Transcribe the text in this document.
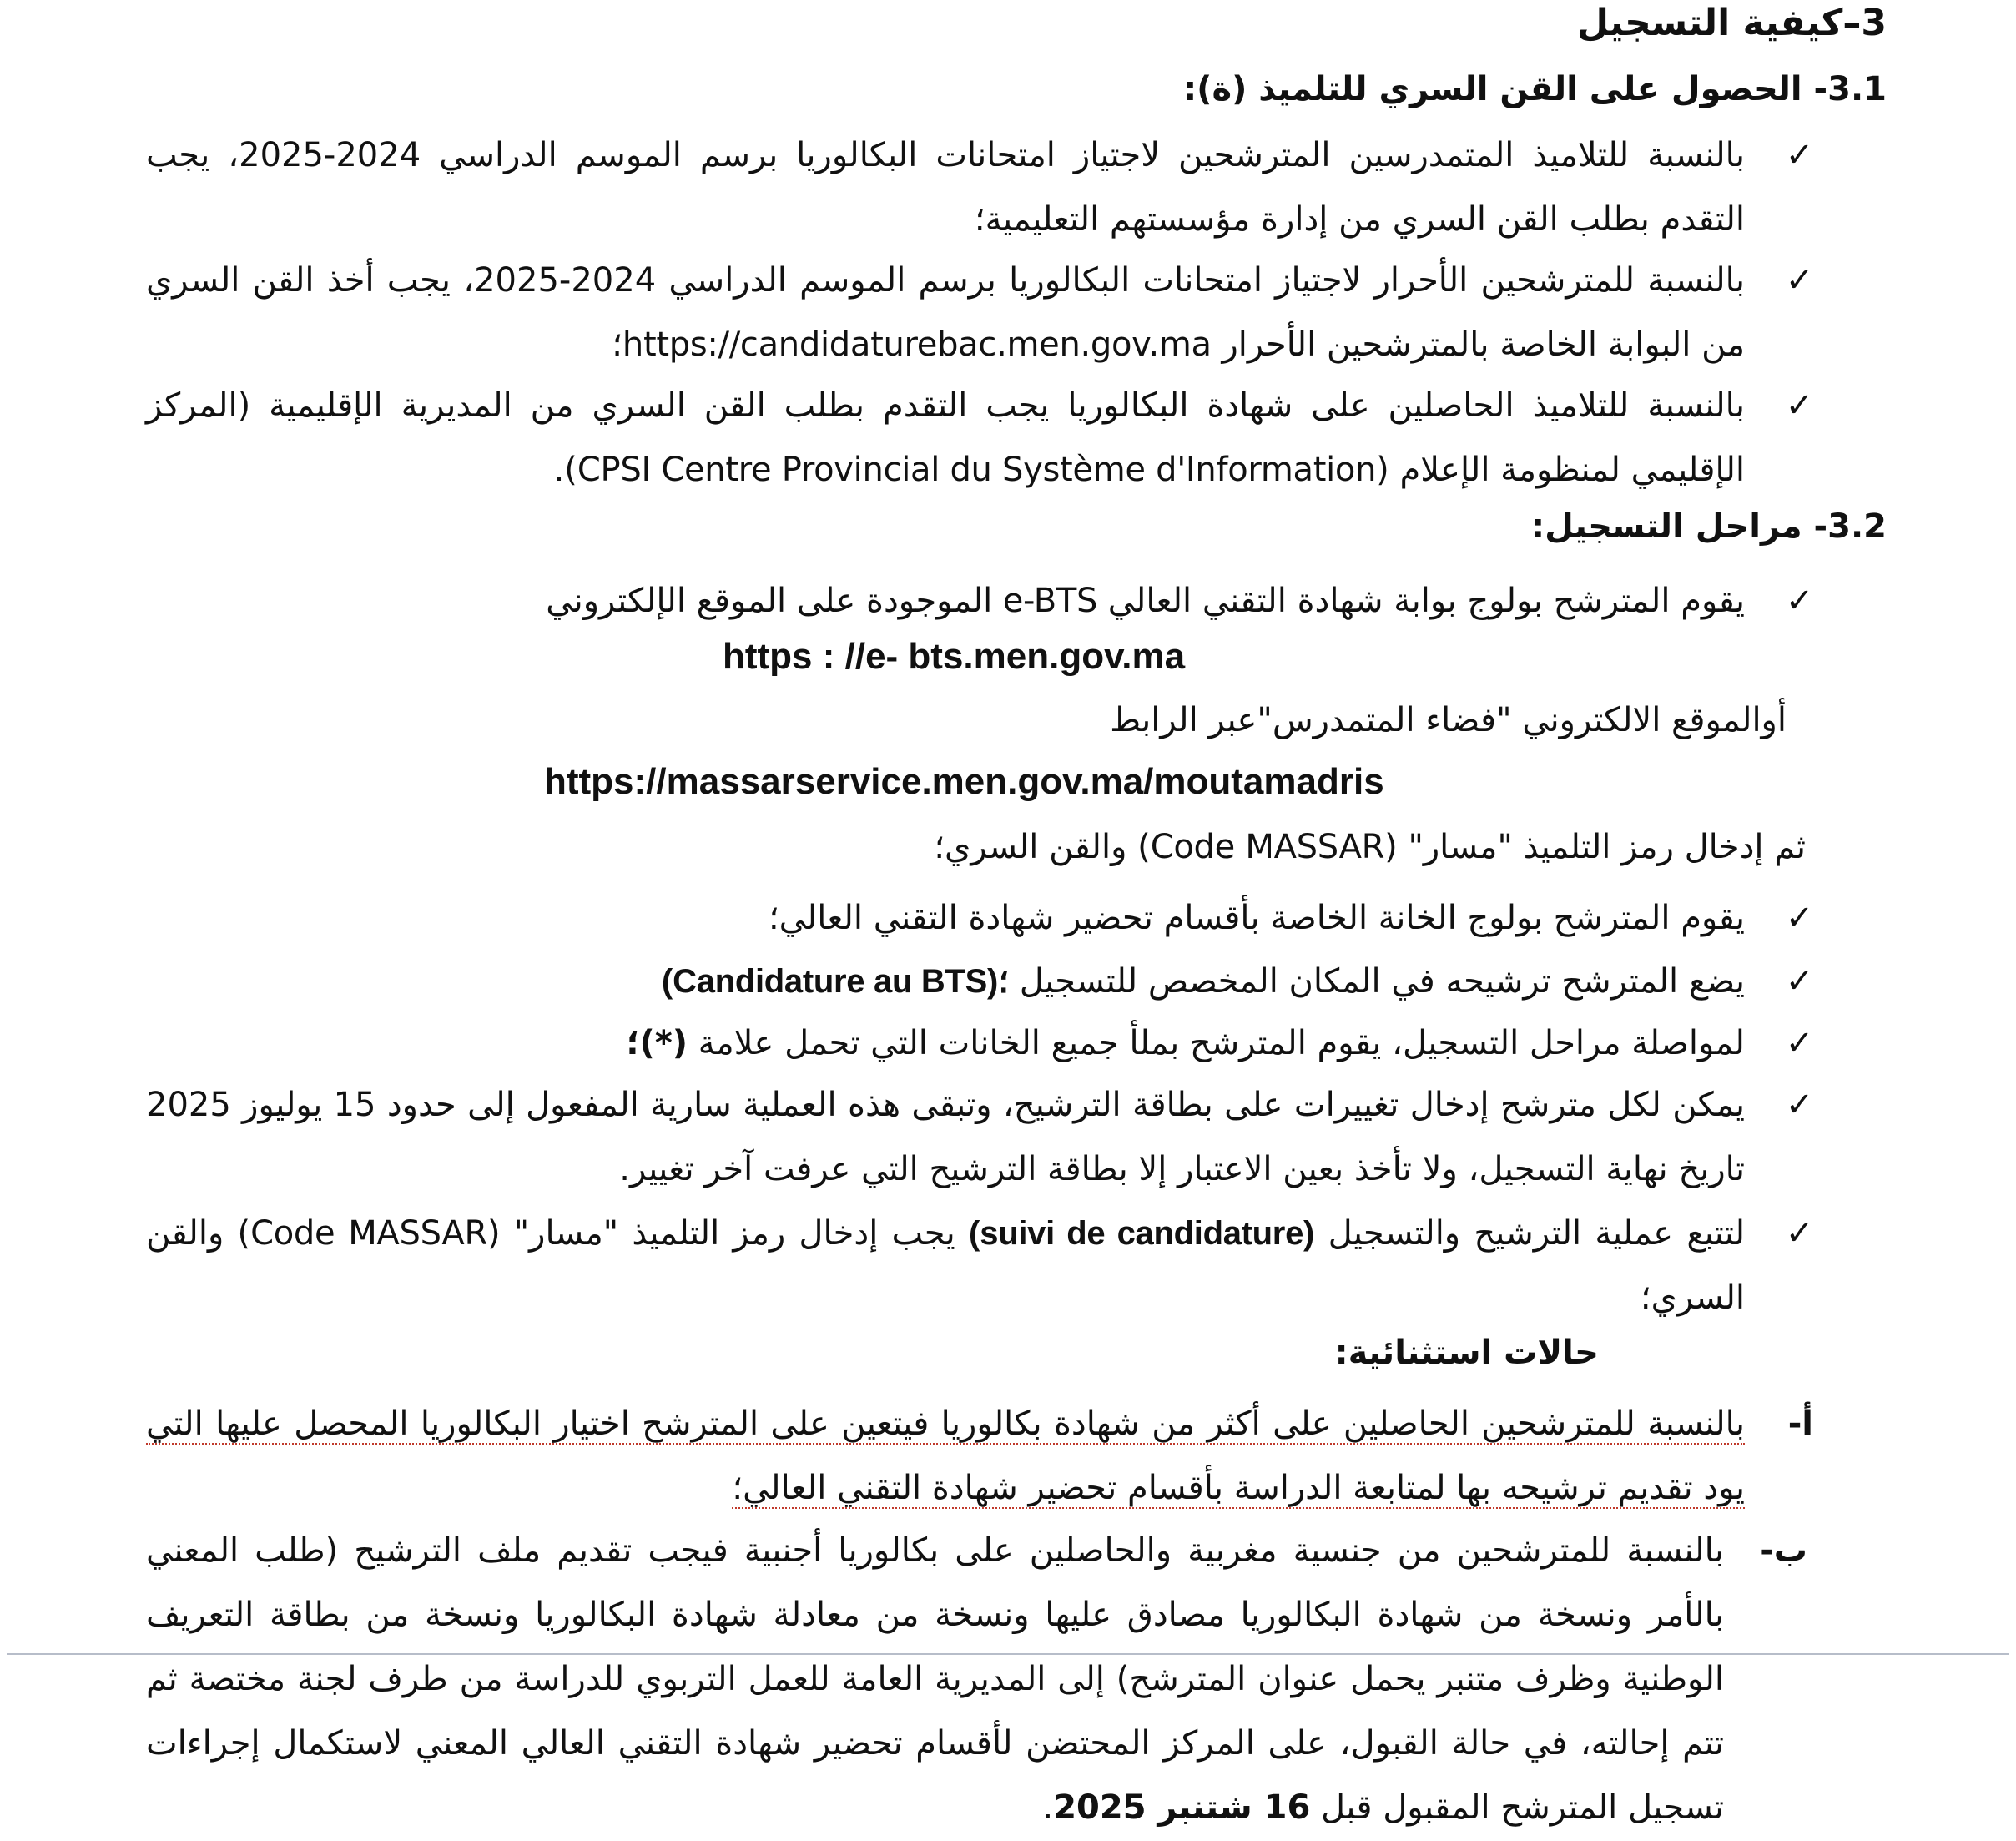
3–كيفية التسجيل
3.1- الحصول على القن السري للتلميذ (ة):
✓
بالنسبة للتلاميذ المتمدرسين المترشحين لاجتياز امتحانات البكالوريا برسم الموسم الدراسي 2024-2025، يجب التقدم بطلب القن السري من إدارة مؤسستهم التعليمية؛
✓
بالنسبة للمترشحين الأحرار لاجتياز امتحانات البكالوريا برسم الموسم الدراسي 2024-2025، يجب أخذ القن السري من البوابة الخاصة بالمترشحين الأحرار https://candidaturebac.men.gov.ma؛
✓
بالنسبة للتلاميذ الحاصلين على شهادة البكالوريا يجب التقدم بطلب القن السري من المديرية الإقليمية (المركز الإقليمي لمنظومة الإعلام (CPSI Centre Provincial du Système d'Information).
3.2- مراحل التسجيل:
✓
يقوم المترشح بولوج بوابة شهادة التقني العالي e-BTS الموجودة على الموقع الإلكتروني
https : //e- bts.men.gov.ma
أوالموقع الالكتروني "فضاء المتمدرس"عبر الرابط
https://massarservice.men.gov.ma/moutamadris
ثم إدخال رمز التلميذ "مسار" (Code MASSAR) والقن السري؛
✓
يقوم المترشح بولوج الخانة الخاصة بأقسام تحضير شهادة التقني العالي؛
✓
يضع المترشح ترشيحه في المكان المخصص للتسجيل (Candidature au BTS)؛
✓
لمواصلة مراحل التسجيل، يقوم المترشح بملأ جميع الخانات التي تحمل علامة (*)؛
✓
يمكن لكل مترشح إدخال تغييرات على بطاقة الترشيح، وتبقى هذه العملية سارية المفعول إلى حدود 15 يوليوز 2025 تاريخ نهاية التسجيل، ولا تأخذ بعين الاعتبار إلا بطاقة الترشيح التي عرفت آخر تغيير.
✓
لتتبع عملية الترشيح والتسجيل (suivi de candidature) يجب إدخال رمز التلميذ "مسار" (Code MASSAR) والقن السري؛
حالات استثنائية:
أ-
بالنسبة للمترشحين الحاصلين على أكثر من شهادة بكالوريا فيتعين على المترشح اختيار البكالوريا المحصل عليها التي يود تقديم ترشيحه بها لمتابعة الدراسة بأقسام تحضير شهادة التقني العالي؛
ب-
بالنسبة للمترشحين من جنسية مغربية والحاصلين على بكالوريا أجنبية فيجب تقديم ملف الترشيح (طلب المعني بالأمر ونسخة من شهادة البكالوريا مصادق عليها ونسخة من معادلة شهادة البكالوريا ونسخة من بطاقة التعريف الوطنية وظرف متنبر يحمل عنوان المترشح) إلى المديرية العامة للعمل التربوي للدراسة من طرف لجنة مختصة ثم تتم إحالته، في حالة القبول، على المركز المحتضن لأقسام تحضير شهادة التقني العالي المعني لاستكمال إجراءات تسجيل المترشح المقبول قبل 16 شتنبر 2025.
